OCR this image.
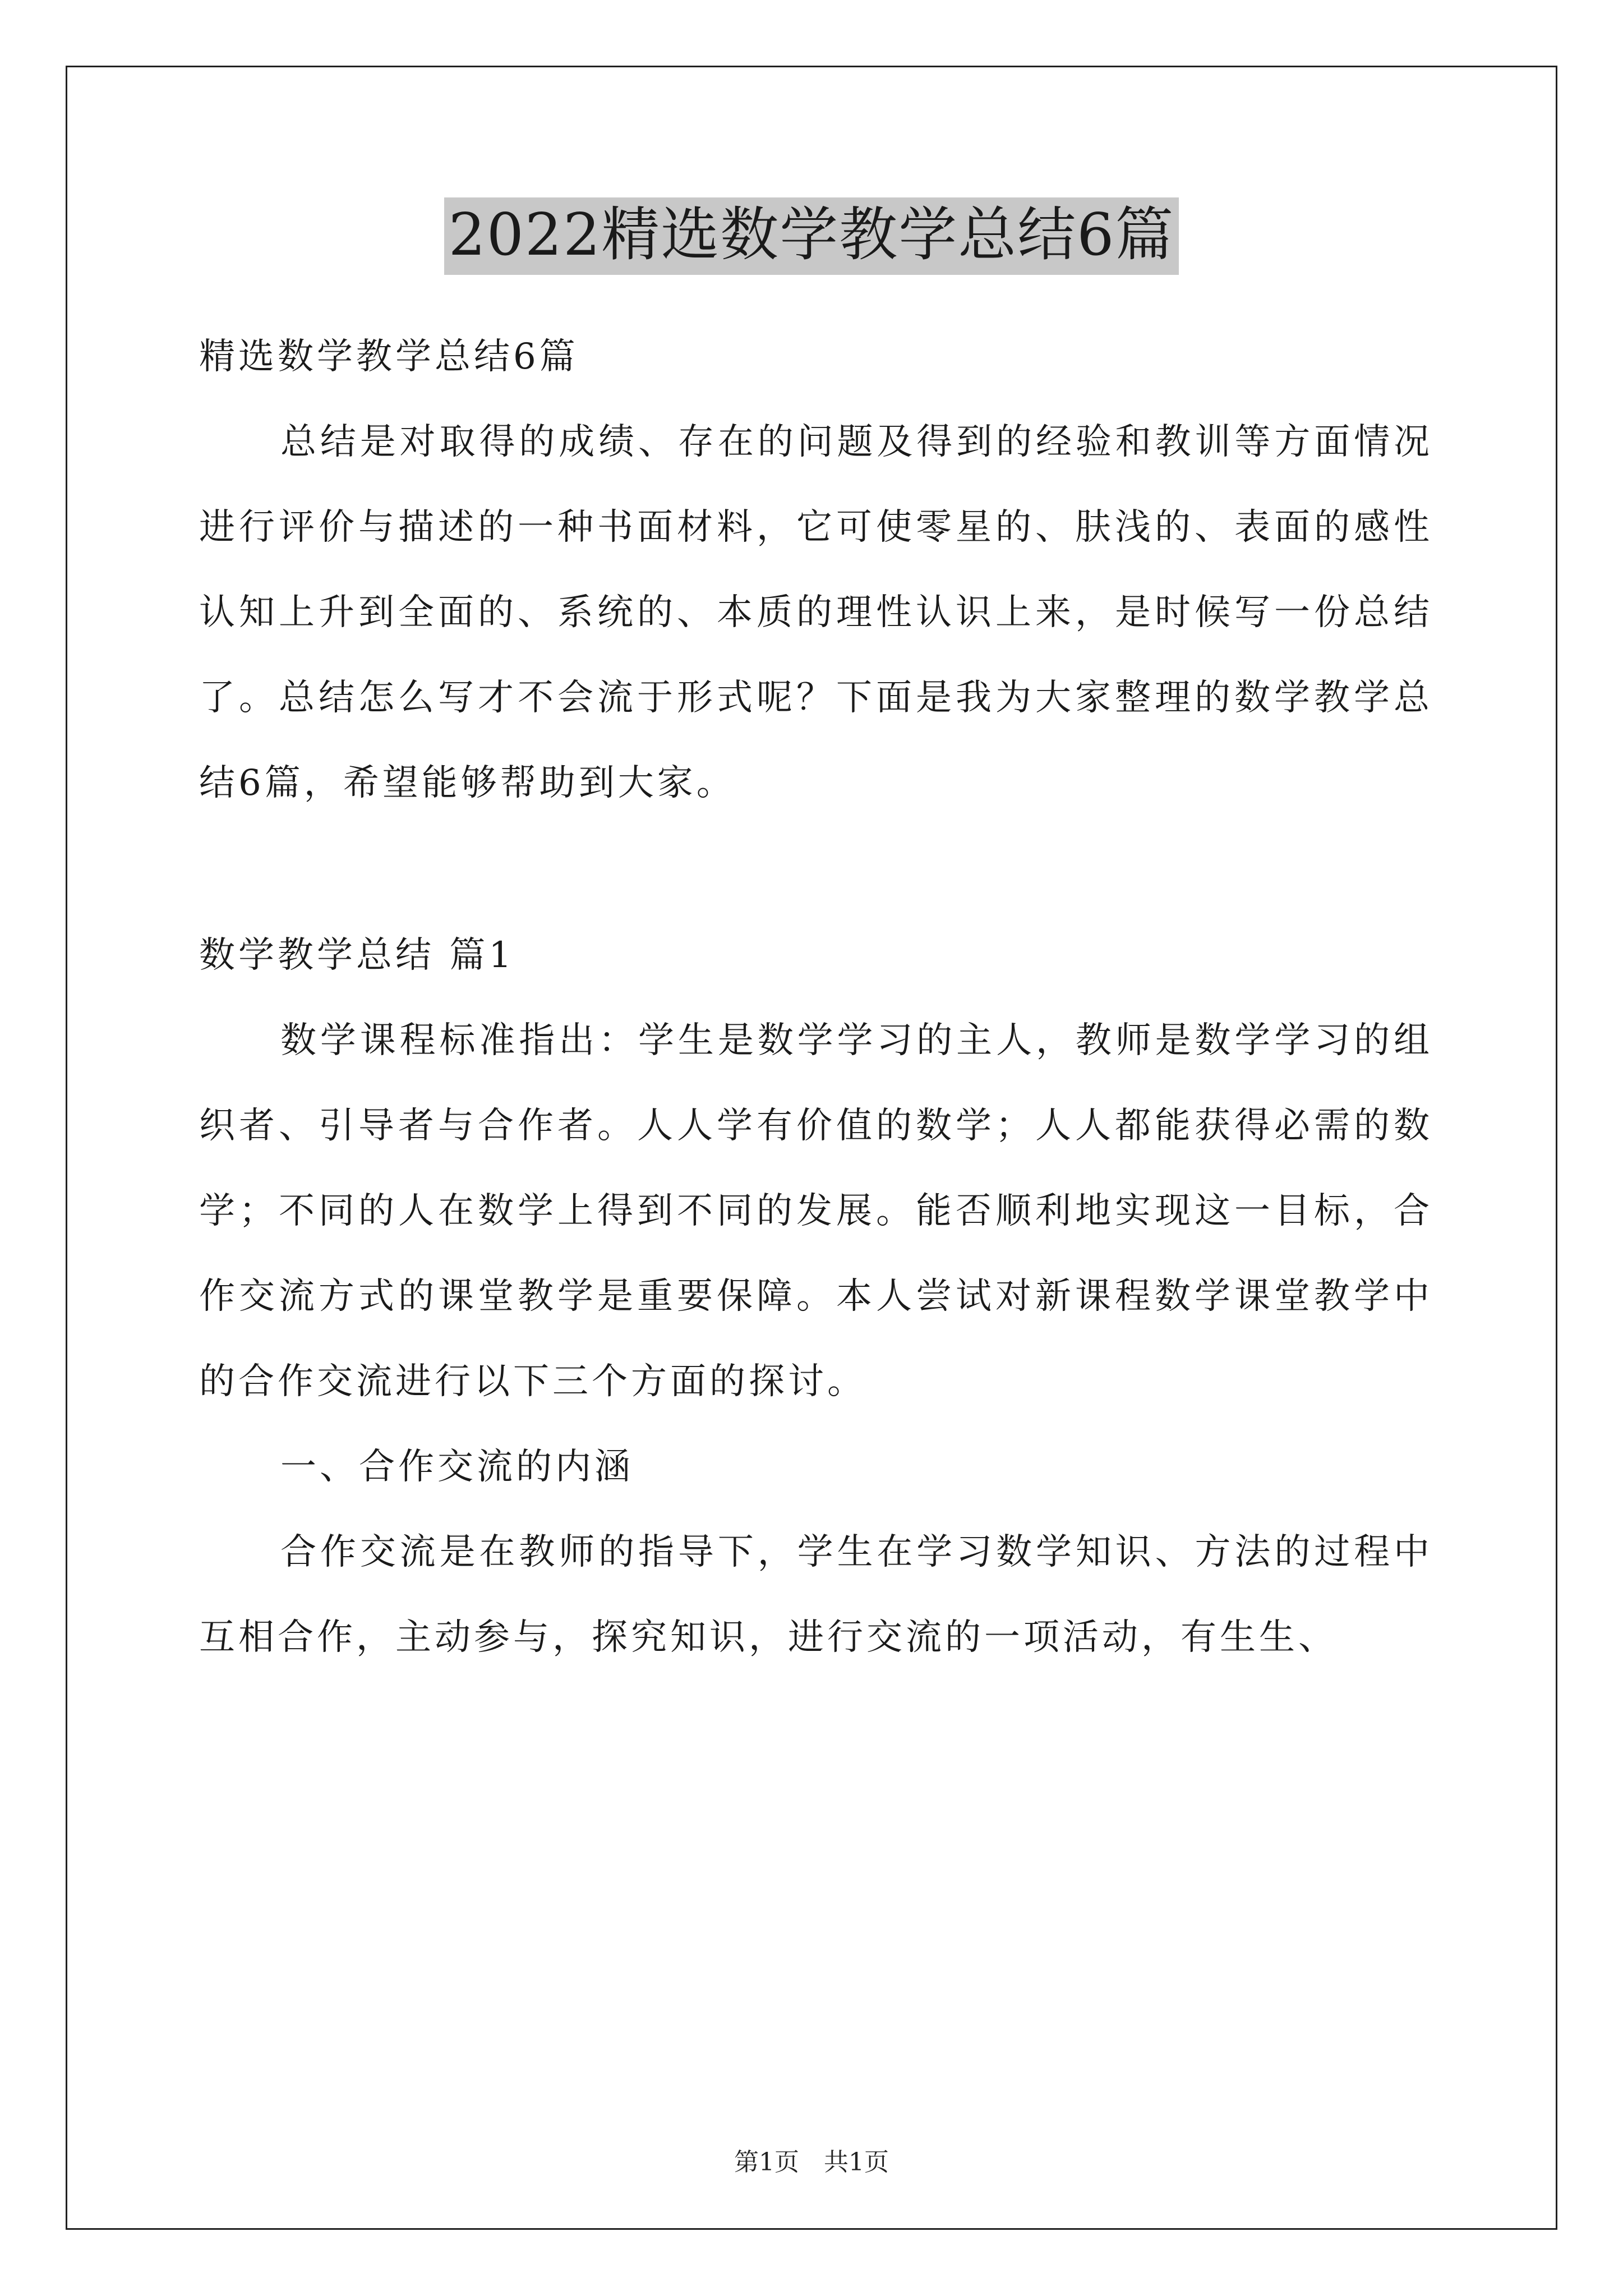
2022精选数学教学总结6篇
精选数学教学总结6篇
总结是对取得的成绩、存在的问题及得到的经验和教训等方面情况进行评价与描述的一种书面材料，它可使零星的、肤浅的、表面的感性认知上升到全面的、系统的、本质的理性认识上来，是时候写一份总结了。总结怎么写才不会流于形式呢？下面是我为大家整理的数学教学总结6篇，希望能够帮助到大家。
数学教学总结 篇1
数学课程标准指出：学生是数学学习的主人，教师是数学学习的组织者、引导者与合作者。人人学有价值的数学；人人都能获得必需的数学；不同的人在数学上得到不同的发展。能否顺利地实现这一目标，合作交流方式的课堂教学是重要保障。本人尝试对新课程数学课堂教学中的合作交流进行以下三个方面的探讨。
一、合作交流的内涵
合作交流是在教师的指导下，学生在学习数学知识、方法的过程中互相合作，主动参与，探究知识，进行交流的一项活动，有生生、
第1页　共1页
